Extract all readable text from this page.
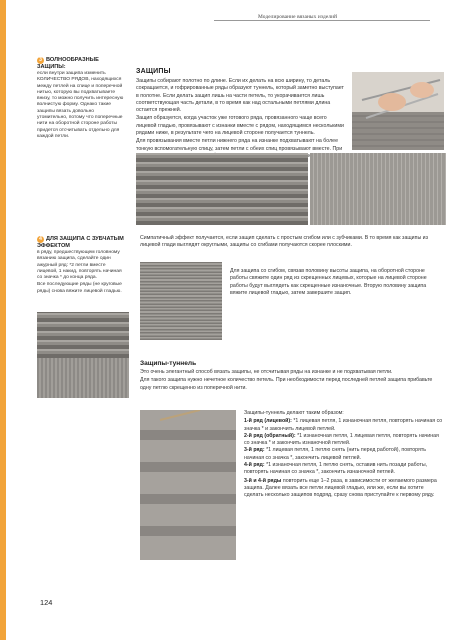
Моделирование вязаных изделий
3 ВОЛНООБРАЗНЫЕ ЗАЩИПЫ:

если внутри защипа изменить КОЛИЧЕСТВО РЯДОВ, находящихся между петлей на спице и поперечной нитью, которую вы подхватываете внизу, то можно получить интересную волнистую форму. Однако такие защипы вязать довольно утомительно, потому что поперечные нити на оборотной стороне работы придется отсчитывать отдельно для каждой петли.

4 ДЛЯ ЗАЩИПА С ЗУБЧАТЫМ ЭФФЕКТОМ

в ряду, предшествующем головному вязанию защипа, сделайте один ажурный ряд: *2 петли вместе лицевой, 1 накид, повторять начиная со значка * до конца ряда.

Все последующие ряды (не круговые ряды) снова вяжите лицевой гладью.

ЗАЩИПЫ

Защипы собирают полотно по длине. Если их делать на всю ширину, то деталь сокращается, и гофрированные ряды образуют туннель, который заметно выступает в полотне. Если делать защип лишь на части петель, то укорачивается лишь соответствующая часть детали, в то время как над остальными петлями длина остается прежней.

Защип образуется, когда участок уже готового ряда, провязанного чаще всего лицевой гладью, провязывают с изнанки вместе с рядом, находящимся несколькими рядами ниже, в результате чего на лицевой стороне получается туннель.

Для провязывания вместе петли нижнего ряда на изнанке подхватывают на более тонкую вспомогательную спицу, затем петли с обеих спиц провязывают вместе. При

Симпатичный эффект получается, если защип сделать с простым сгибом или с зубчиками. В то время как защипы из лицевой глади выглядят округлыми, защипы со сгибами получаются скорее плоскими.

Для защипа со сгибом, связав половину высоты защипа, на оборотной стороне работы свяжите один ряд из скрещенных лицевых, которые на лицевой стороне работы будут выглядеть как скрещенные изнаночные. Вторую половину защипа вяжите лицевой гладью, затем завершите защип.

Защипы-туннель

Это очень элегантный способ вязать защипы, не отсчитывая ряды на изнанке и не подхватывая петли.

Для такого защипа нужно нечетное количество петель. При необходимости перед последней петлей защипа прибавьте одну петлю скрещенно из поперечной нити.

Защипы-туннель делают таким образом:

1-й ряд (лицевой): *1 лицевая петля, 1 изнаночная петля, повторять начиная со значка * и закончить лицевой петлей.

2-й ряд (обратный): *1 изнаночная петля, 1 лицевая петля, повторять начиная со значка * и закончить изнаночной петлей.

3-й ряд: *1 лицевая петля, 1 петлю снять (нить перед работой), повторять начиная со значка *, закончить лицевой петлей.

4-й ряд: *1 изнаночная петля, 1 петлю снять, оставив нить позади работы, повторять начиная со значка *, закончить изнаночной петлей.

3-й и 4-й ряды повторить еще 1–2 раза, в зависимости от желаемого размера защипа. Далее вязать все петли лицевой гладью, или же, если вы хотите сделать несколько защипов подряд, сразу снова приступайте к первому ряду.

124
